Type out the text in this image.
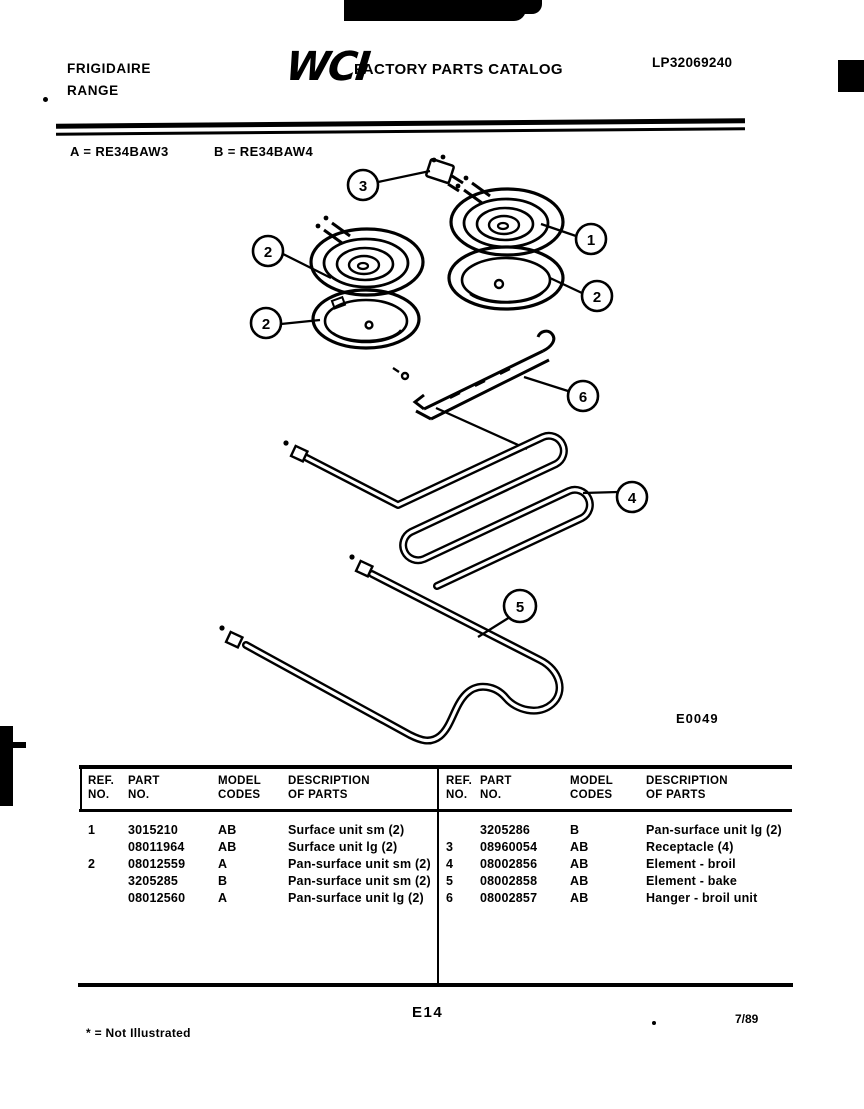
FRIGIDAIRE
RANGE
WCI
FACTORY PARTS CATALOG	LP32069240
A = RE34BAW3	B = RE34BAW4
1
2
2
2
3
4
5
6
E0049
REF.
NO.
PART
NO.
MODEL
CODES
DESCRIPTION
OF PARTS
1	3015210	AB	Surface unit sm (2)
08011964	AB	Surface unit lg (2)
2	08012559	A	Pan-surface unit sm (2)
3205285	B	Pan-surface unit sm (2)
08012560	A	Pan-surface unit lg (2)
REF.
NO.
PART
NO.
MODEL
CODES
DESCRIPTION
OF PARTS
3205286	B	Pan-surface unit lg (2)
3	08960054	AB	Receptacle (4)
4	08002856	AB	Element - broil
5	08002858	AB	Element - bake
6	08002857	AB	Hanger - broil unit
E14	7/89
* = Not Illustrated
